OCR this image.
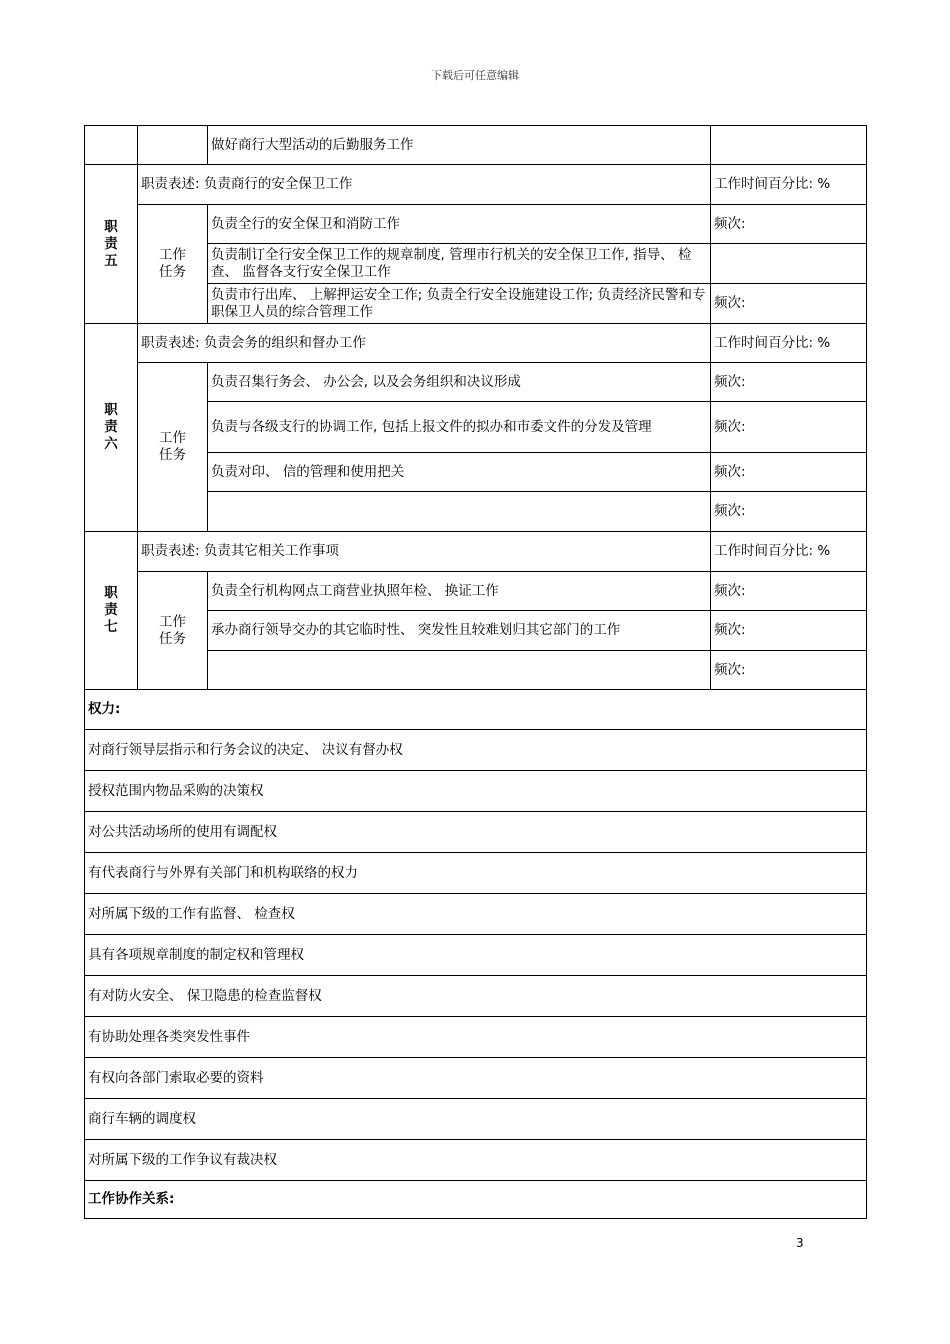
下载后可任意编辑
		做好商行大型活动的后勤服务工作	
职
责
五	职责表述: 负责商行的安全保卫工作		工作时间百分比: %
	工作
任务	负责全行的安全保卫和消防工作	频次:
		负责制订全行安全保卫工作的规章制度, 管理市行机关的安全保卫工作, 指导、 检查、 监督各支行安全保卫工作	
		负责市行出库、 上解押运安全工作; 负责全行安全设施建设工作; 负责经济民警和专职保卫人员的综合管理工作	频次:
职
责
六	职责表述: 负责会务的组织和督办工作		工作时间百分比: %
	工作
任务	负责召集行务会、 办公会, 以及会务组织和决议形成	频次:
		负责与各级支行的协调工作, 包括上报文件的拟办和市委文件的分发及管理	频次:
		负责对印、 信的管理和使用把关	频次:
			频次:
职
责
七	职责表述: 负责其它相关工作事项		工作时间百分比: %
	工作
任务	负责全行机构网点工商营业执照年检、 换证工作	频次:
		承办商行领导交办的其它临时性、 突发性且较难划归其它部门的工作	频次:
			频次:
权力:			
对商行领导层指示和行务会议的决定、 决议有督办权			
授权范围内物品采购的决策权			
对公共活动场所的使用有调配权			
有代表商行与外界有关部门和机构联络的权力			
对所属下级的工作有监督、 检查权			
具有各项规章制度的制定权和管理权			
有对防火安全、 保卫隐患的检查监督权			
有协助处理各类突发性事件			
有权向各部门索取必要的资料			
商行车辆的调度权			
对所属下级的工作争议有裁决权			
工作协作关系:			
3
